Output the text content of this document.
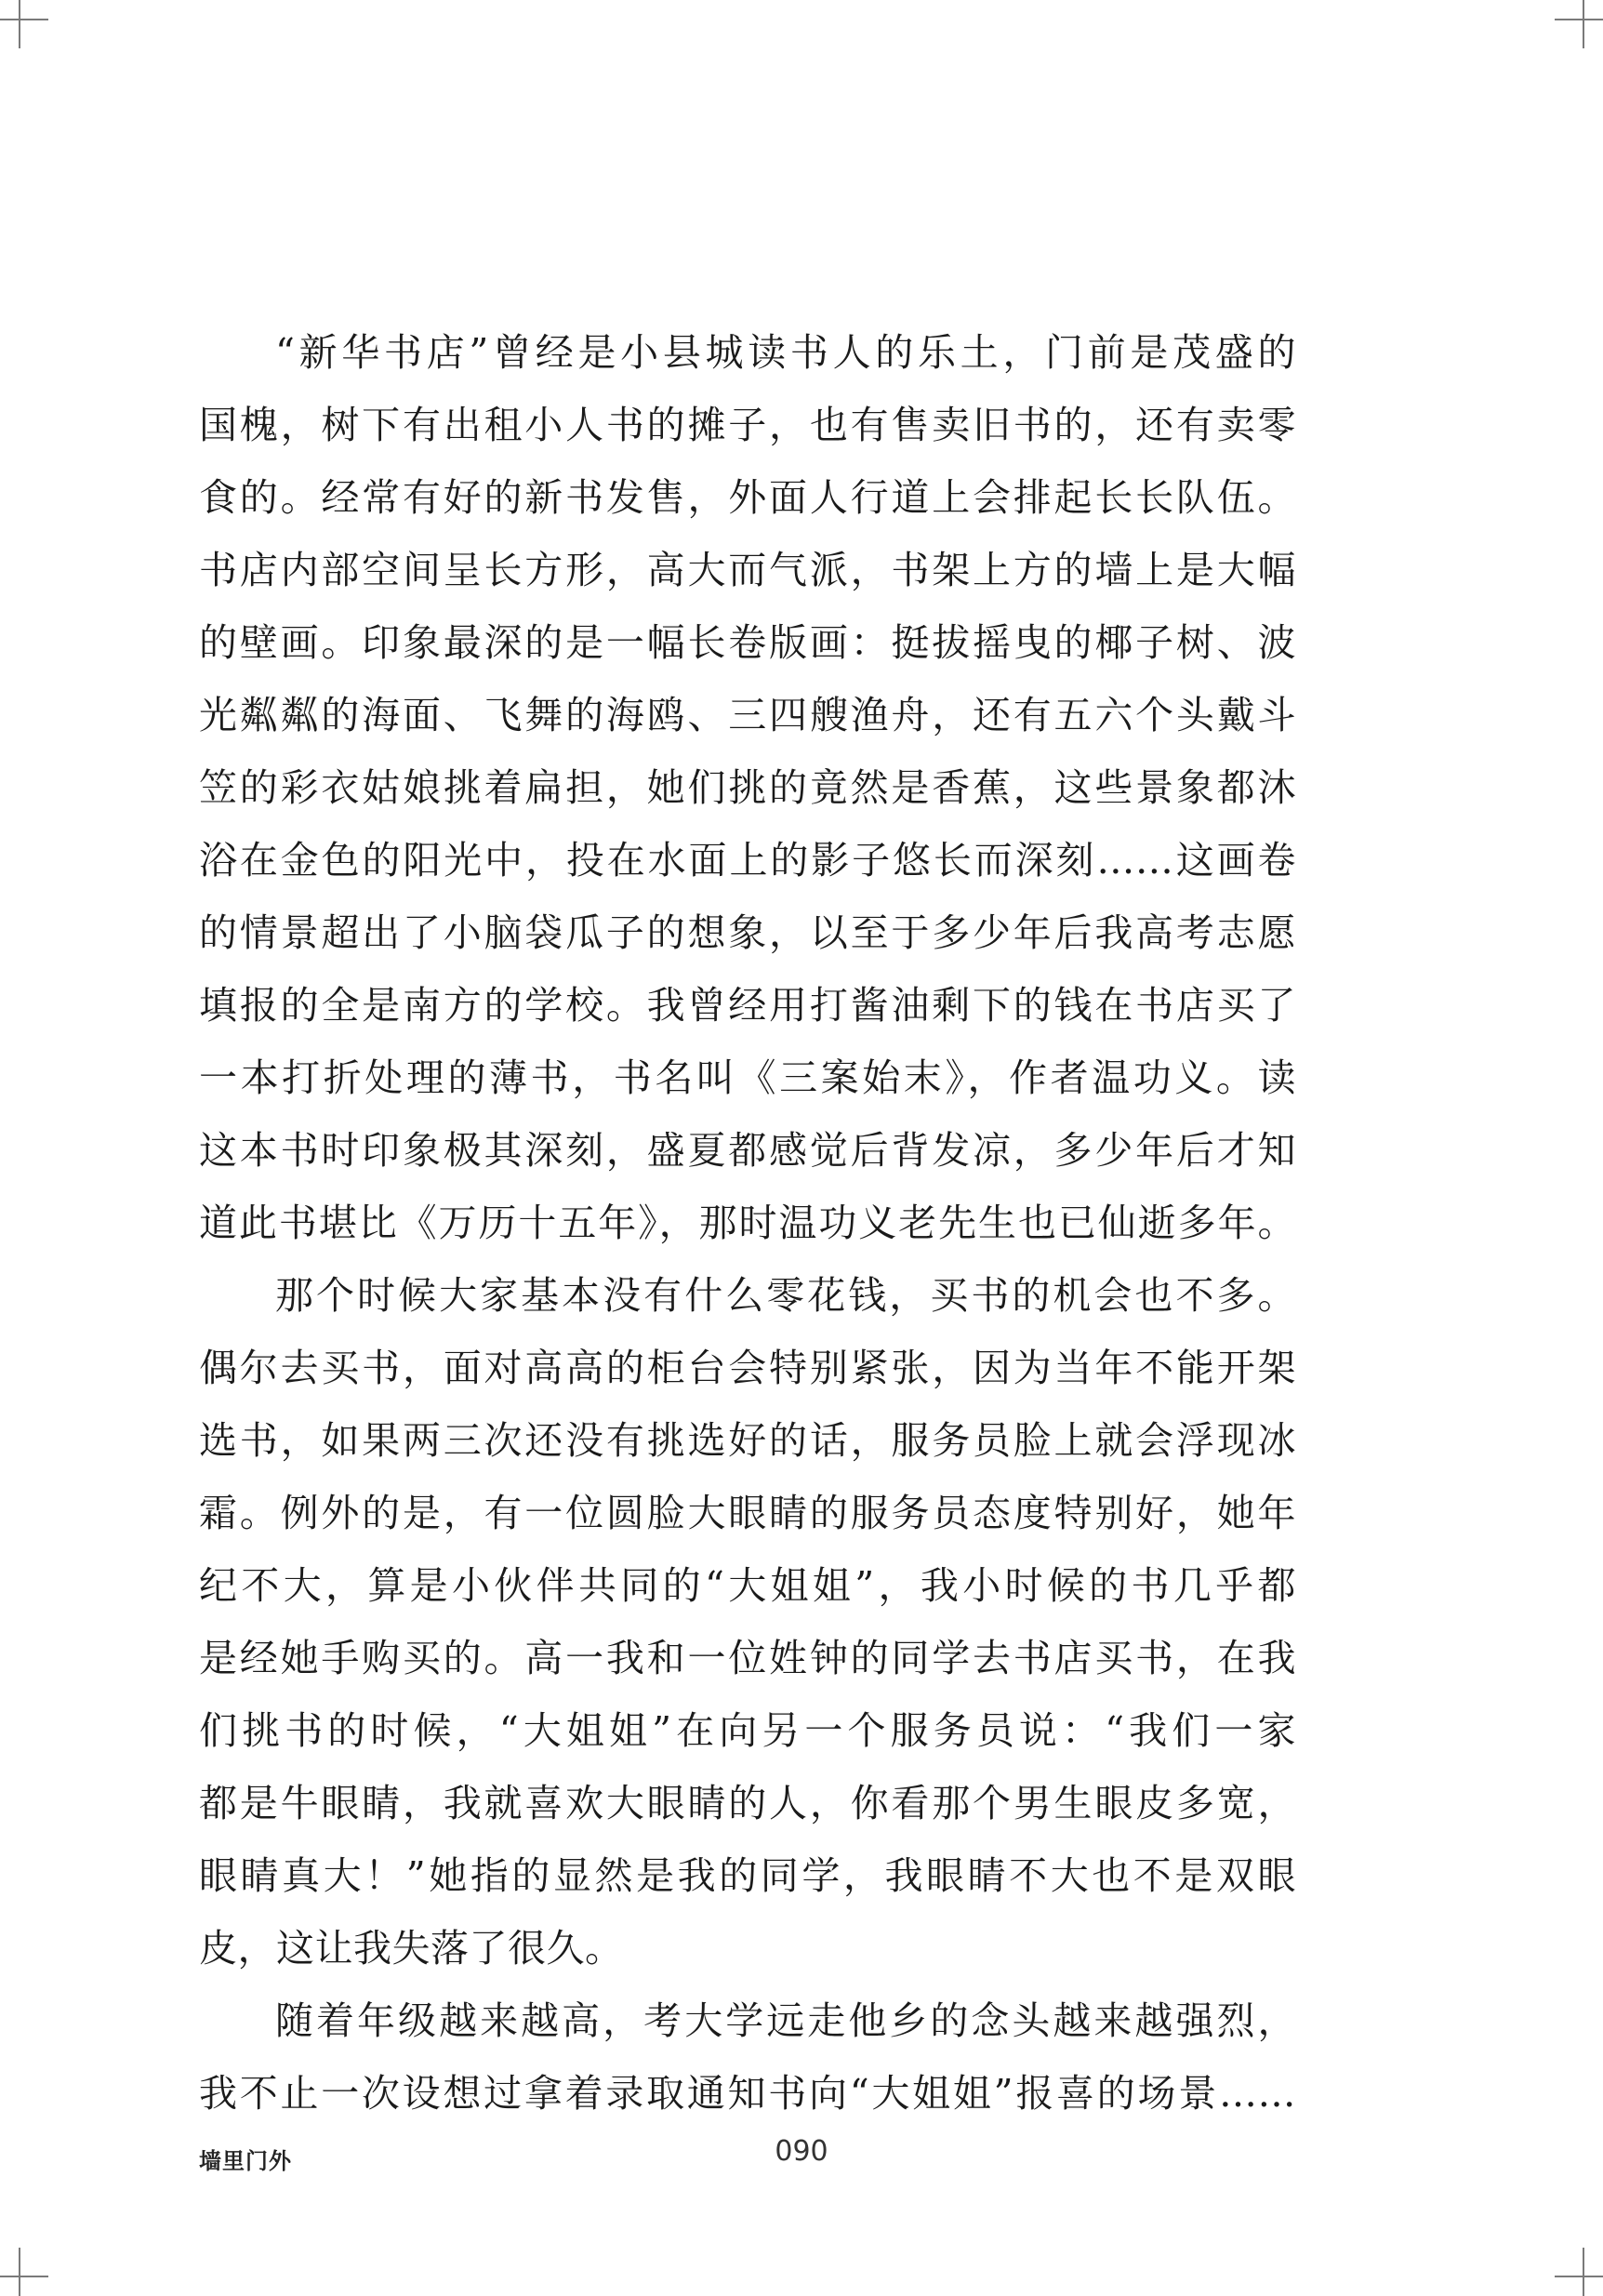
“新华书店”曾经是小县城读书人的乐土，门前是茂盛的
国槐，树下有出租小人书的摊子，也有售卖旧书的，还有卖零
食的。经常有好的新书发售，外面人行道上会排起长长队伍。
书店内部空间呈长方形，高大而气派，书架上方的墙上是大幅
的壁画。印象最深的是一幅长卷版画：挺拔摇曳的椰子树、波
光粼粼的海面、飞舞的海鸥、三四艘渔舟，还有五六个头戴斗
笠的彩衣姑娘挑着扁担，她们挑的竟然是香蕉，这些景象都沐
浴在金色的阳光中，投在水面上的影子悠长而深刻……这画卷
的情景超出了小脑袋瓜子的想象，以至于多少年后我高考志愿
填报的全是南方的学校。我曾经用打酱油剩下的钱在书店买了
一本打折处理的薄书，书名叫《三案始末》，作者温功义。读
这本书时印象极其深刻，盛夏都感觉后背发凉，多少年后才知
道此书堪比《万历十五年》，那时温功义老先生也已仙逝多年。
那个时候大家基本没有什么零花钱，买书的机会也不多。
偶尔去买书，面对高高的柜台会特别紧张，因为当年不能开架
选书，如果两三次还没有挑选好的话，服务员脸上就会浮现冰
霜。例外的是，有一位圆脸大眼睛的服务员态度特别好，她年
纪不大，算是小伙伴共同的“大姐姐”，我小时候的书几乎都
是经她手购买的。高一我和一位姓钟的同学去书店买书，在我
们挑书的时候，“大姐姐”在向另一个服务员说：“我们一家
都是牛眼睛，我就喜欢大眼睛的人，你看那个男生眼皮多宽，
眼睛真大！”她指的显然是我的同学，我眼睛不大也不是双眼
皮，这让我失落了很久。
随着年级越来越高，考大学远走他乡的念头越来越强烈，
我不止一次设想过拿着录取通知书向“大姐姐”报喜的场景……
墙里门外	090
